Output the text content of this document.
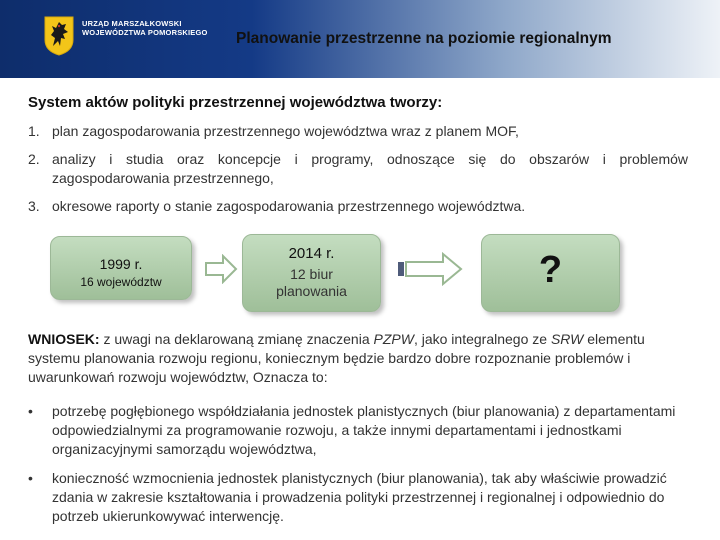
URZĄD MARSZAŁKOWSKI
WOJEWÓDZTWA POMORSKIEGO Planowanie przestrzenne na poziomie regionalnym
System aktów polityki przestrzennej województwa tworzy:
1. plan zagospodarowania przestrzennego województwa wraz z planem MOF,
2. analizy i studia oraz koncepcje i programy, odnoszące się do obszarów i problemów zagospodarowania przestrzennego,
3. okresowe raporty o stanie zagospodarowania przestrzennego województwa.
1999 r.
16 województw
2014 r.
12 biur
planowania	?
WNIOSEK: z uwagi na deklarowaną zmianę znaczenia PZPW, jako integralnego ze SRW elementu systemu planowania rozwoju regionu, koniecznym będzie bardzo dobre rozpoznanie problemów i uwarunkowań rozwoju województw, Oznacza to:
•	potrzebę pogłębionego współdziałania jednostek planistycznych (biur planowania) z departamentami odpowiedzialnymi za programowanie rozwoju, a także innymi departamentami i jednostkami organizacyjnymi samorządu województwa,
•	konieczność wzmocnienia jednostek planistycznych (biur planowania), tak aby właściwie prowadzić zdania w zakresie kształtowania i prowadzenia polityki przestrzennej i regionalnej i odpowiednio do potrzeb ukierunkowywać interwencję.
